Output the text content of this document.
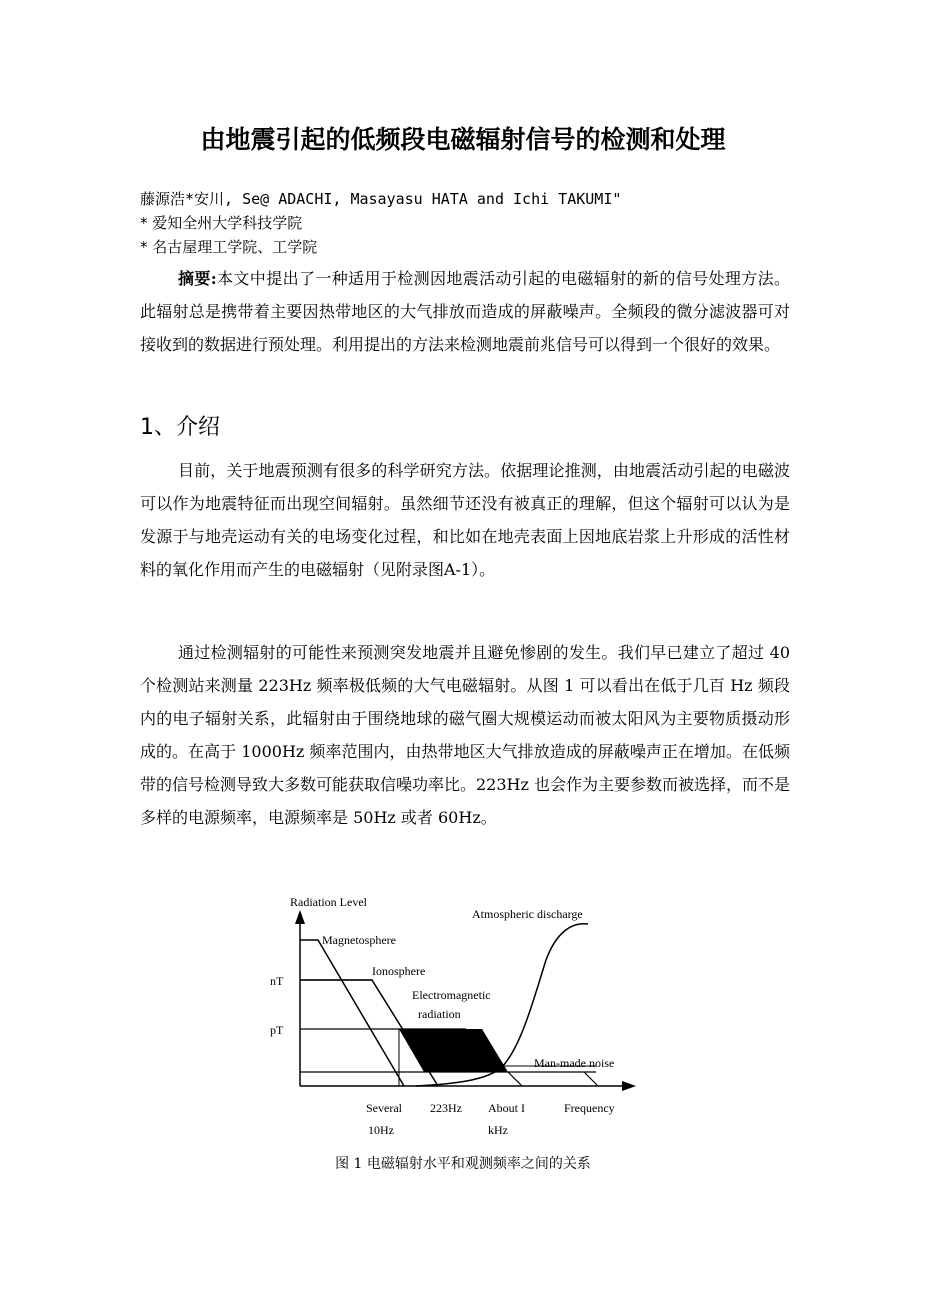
由地震引起的低频段电磁辐射信号的检测和处理
藤源浩*安川, Se@ ADACHI, Masayasu HATA and Ichi TAKUMI"
* 爱知全州大学科技学院
* 名古屋理工学院、工学院

摘要:本文中提出了一种适用于检测因地震活动引起的电磁辐射的新的信号处理方法。此辐射总是携带着主要因热带地区的大气排放而造成的屏蔽噪声。全频段的微分滤波器可对接收到的数据进行预处理。利用提出的方法来检测地震前兆信号可以得到一个很好的效果。

1、介绍

目前，关于地震预测有很多的科学研究方法。依据理论推测，由地震活动引起的电磁波可以作为地震特征而出现空间辐射。虽然细节还没有被真正的理解，但这个辐射可以认为是发源于与地壳运动有关的电场变化过程，和比如在地壳表面上因地底岩浆上升形成的活性材料的氧化作用而产生的电磁辐射（见附录图A-1）。

通过检测辐射的可能性来预测突发地震并且避免惨剧的发生。我们早已建立了超过 40 个检测站来测量 223Hz 频率极低频的大气电磁辐射。从图 1 可以看出在低于几百 Hz 频段内的电子辐射关系，此辐射由于围绕地球的磁气圈大规模运动而被太阳风为主要物质摄动形成的。在高于 1000Hz 频率范围内，由热带地区大气排放造成的屏蔽噪声正在增加。在低频带的信号检测导致大多数可能获取信噪功率比。223Hz 也会作为主要参数而被选择，而不是多样的电源频率，电源频率是 50Hz 或者 60Hz。

Radiation Level
nT
pT
Atmospheric discharge
Magnetosphere
Ionosphere
Electromagnetic
radiation
Man-made noise
Several
10Hz
223Hz About I
kHz
Frequency
图 1 电磁辐射水平和观测频率之间的关系
